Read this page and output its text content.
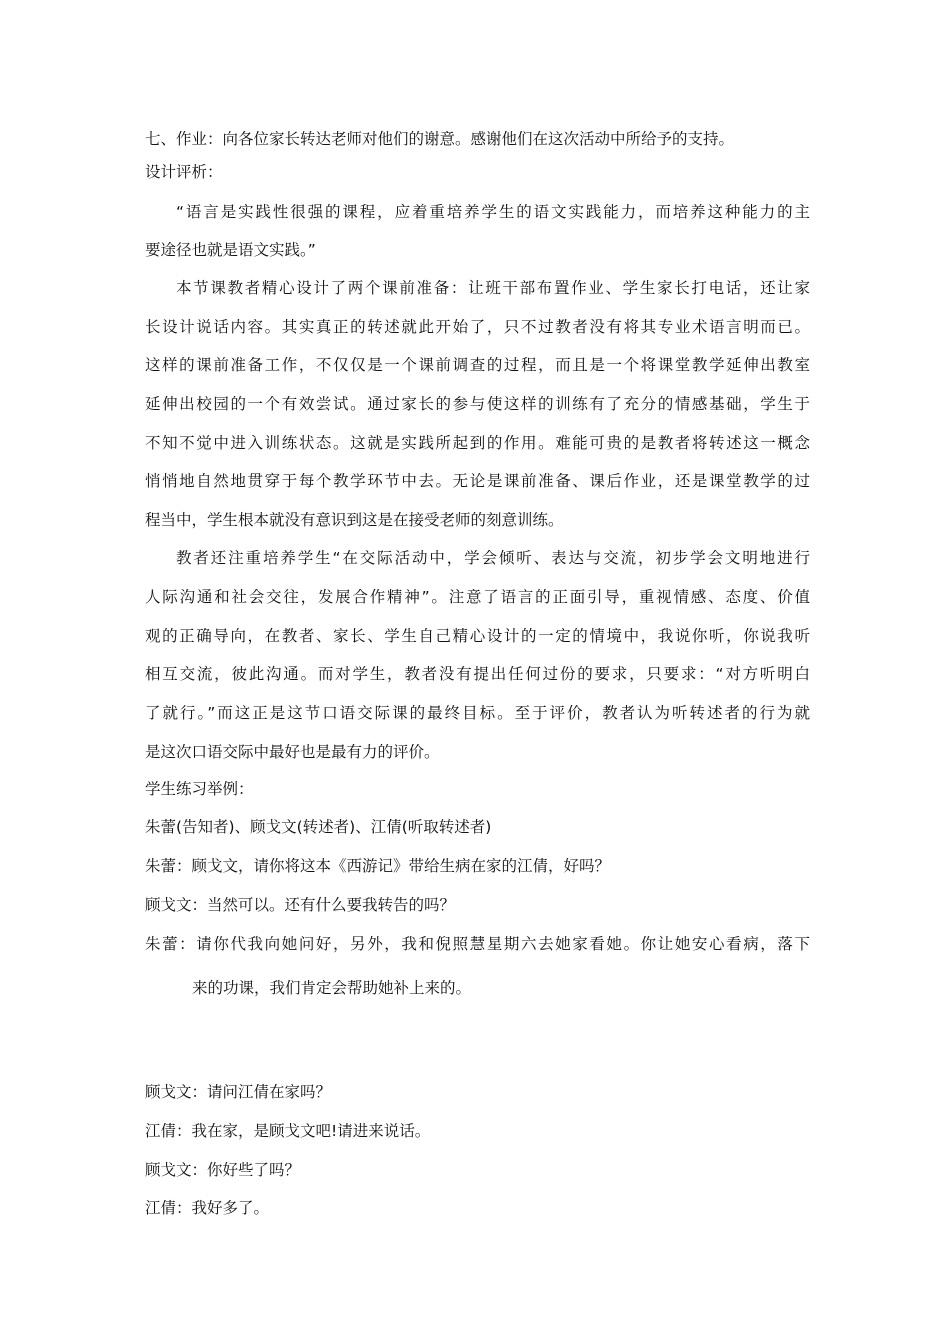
七、作业：向各位家长转达老师对他们的谢意。感谢他们在这次活动中所给予的支持。
设计评析：
“语言是实践性很强的课程，应着重培养学生的语文实践能力，而培养这种能力的主
要途径也就是语文实践。”
本节课教者精心设计了两个课前准备：让班干部布置作业、学生家长打电话，还让家
长设计说话内容。其实真正的转述就此开始了，只不过教者没有将其专业术语言明而已。
这样的课前准备工作，不仅仅是一个课前调查的过程，而且是一个将课堂教学延伸出教室
延伸出校园的一个有效尝试。通过家长的参与使这样的训练有了充分的情感基础，学生于
不知不觉中进入训练状态。这就是实践所起到的作用。难能可贵的是教者将转述这一概念
悄悄地自然地贯穿于每个教学环节中去。无论是课前准备、课后作业，还是课堂教学的过
程当中，学生根本就没有意识到这是在接受老师的刻意训练。
教者还注重培养学生“在交际活动中，学会倾听、表达与交流，初步学会文明地进行
人际沟通和社会交往，发展合作精神”。注意了语言的正面引导，重视情感、态度、价值
观的正确导向，在教者、家长、学生自己精心设计的一定的情境中，我说你听，你说我听
相互交流，彼此沟通。而对学生，教者没有提出任何过份的要求，只要求：“对方听明白
了就行。”而这正是这节口语交际课的最终目标。至于评价，教者认为听转述者的行为就
是这次口语交际中最好也是最有力的评价。
学生练习举例：
朱蕾(告知者)、顾戈文(转述者)、江倩(听取转述者)
朱蕾：顾戈文，请你将这本《西游记》带给生病在家的江倩，好吗？
顾戈文：当然可以。还有什么要我转告的吗？
朱蕾：请你代我向她问好，另外，我和倪照慧星期六去她家看她。你让她安心看病，落下
来的功课，我们肯定会帮助她补上来的。
顾戈文：请问江倩在家吗？
江倩：我在家，是顾戈文吧!请进来说话。
顾戈文：你好些了吗？
江倩：我好多了。
